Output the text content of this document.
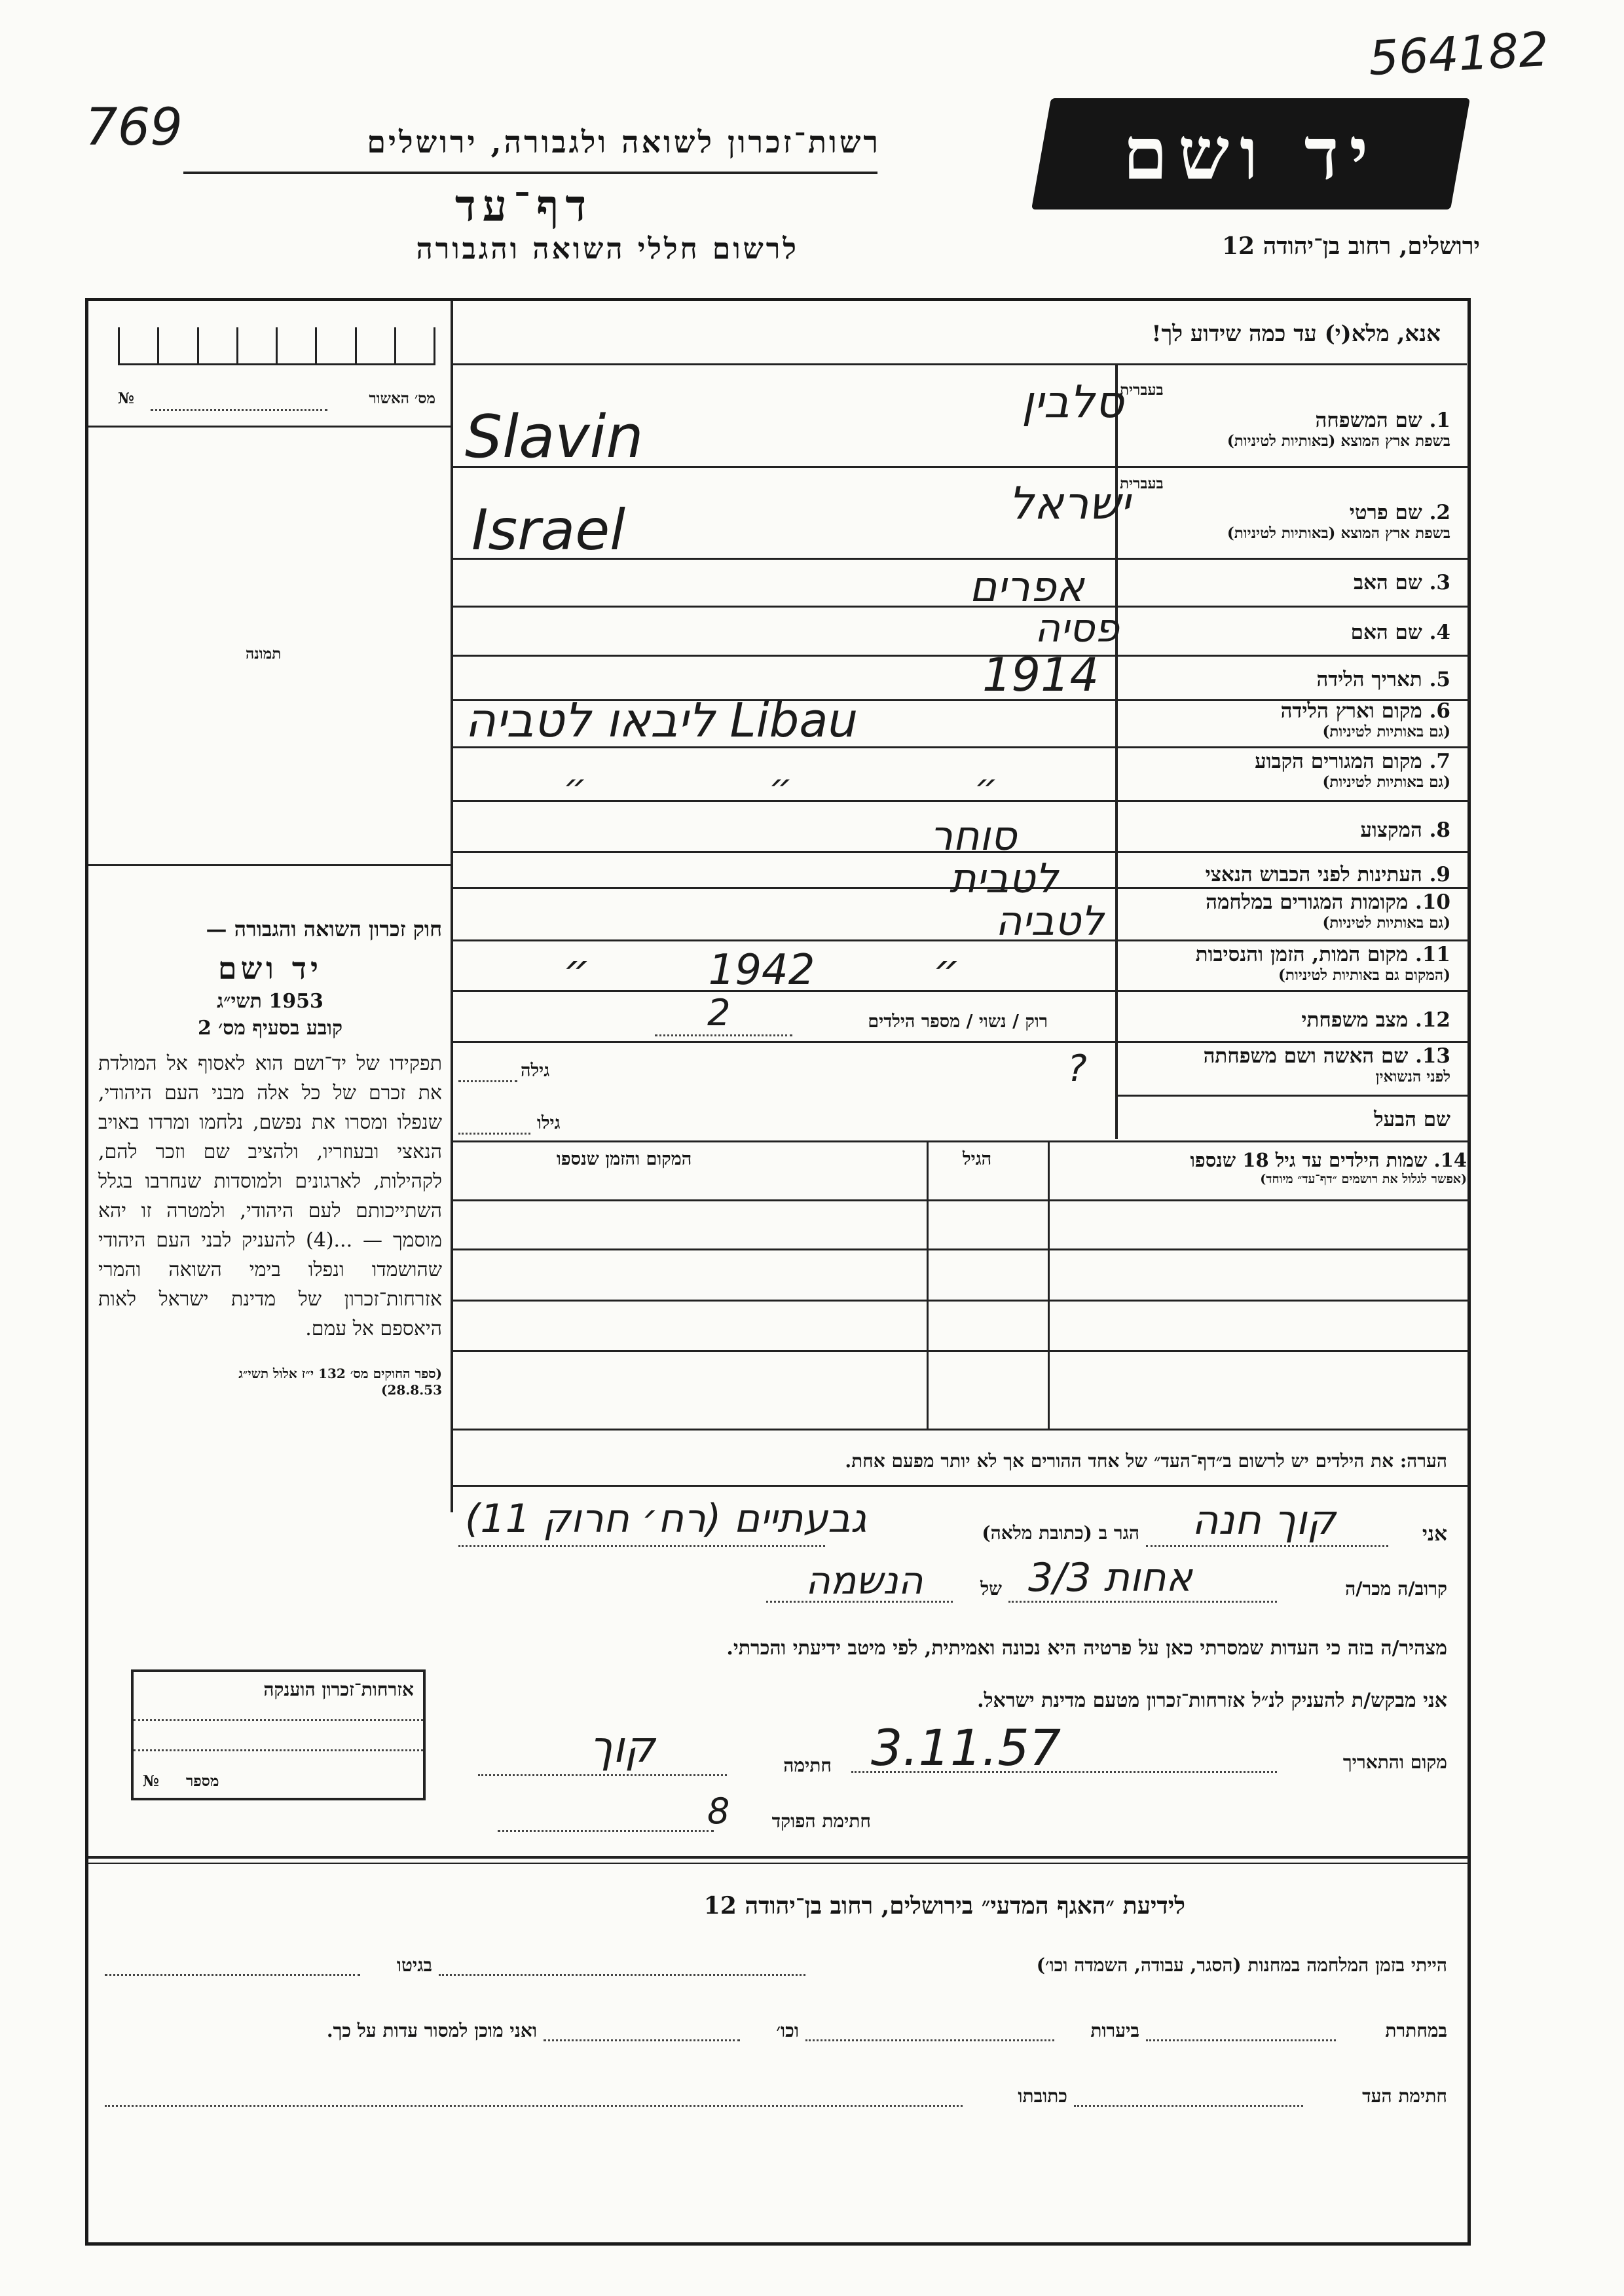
564182
769	רשות־זכרון לשואה ולגבורה, ירושלים
דף־עד
לרשום חללי השואה והגבורה
יד ושם
ירושלים, רחוב בן־יהודה 12
אנא, מלא(י) עד כמה שידוע לך!
№	מס׳ האשור
תמונה
חוק זכרון השואה והגבורה —
יד ושם
1953 תשי״ג
קובע בסעיף מס׳ 2
תפקידו של יד־ושם הוא לאסוף אל המולדת את זכרם של כל אלה מבני העם היהודי, שנפלו ומסרו את נפשם, נלחמו ומרדו באויב הנאצי ובעוזריו, ולהציב שם וזכר להם, לקהילות, לארגונים ולמוסדות שנחרבו בגלל השתייכותם לעם היהודי, ולמטרה זו יהא מוסמך — ...(4) להעניק לבני העם היהודי שהושמדו ונפלו בימי השואה והמרי אזרחות־זכרון של מדינת ישראל לאות היאספם אל עמם.
(ספר החוקים מס׳ 132 י״ז אלול תשי״ג 28.8.53)
בעברית
1. שם המשפחה
בשפת ארץ המוצא (באותיות לטיניות)
בעברית
2. שם פרטי
בשפת ארץ המוצא (באותיות לטיניות)
3. שם האב
4. שם האם
5. תאריך הלידה
6. מקום וארץ הלידה
(גם באותיות לטיניות)
7. מקום המגורים הקבוע
(גם באותיות לטיניות)
8. המקצוע
9. העתינות לפני הכבוש הנאצי
10. מקומות המגורים במלחמה
(גם באותיות לטיניות)
11. מקום המות, הזמן והנסיבות
(המקום גם באותיות לטיניות)
12. מצב משפחתי
רוק / נשוי / מספר הילדים
13. שם האשה ושם משפחתה
לפני הנשואין
גילה
שם הבעל
גילו
14. שמות הילדים עד גיל 18 שנספו
(אפשר לגלול את רושמים ״דף־עד״ מיוחד)
הגיל
המקום והזמן שנספו
הערה: את הילדים יש לרשום ב״דף־העד״ של אחד ההורים אך לא יותר מפעם אחת.
אני
קוך חנה
הגר ב (כתובת מלאה)
גבעתיים (רח׳ חרוק 11)
קרוב/ה מכר/ה
3/3 אחות
של
הנשמה
מצהיר/ה בזה כי העדות שמסרתי כאן על פרטיה היא נכונה ואמיתית, לפי מיטב ידיעתי והכרתי.
אני מבקש/ת להעניק לנ״ל אזרחות־זכרון מטעם מדינת ישראל.
מקום והתאריך
3.11.57
חתימה
קוך
חתימת הפוקד
8
אזרחות־זכרון הוענקה
№ מספר
לידיעת ״האגף המדעי״ בירושלים, רחוב בן־יהודה 12
הייתי בזמן המלחמה במחנות (הסגר, עבודה, השמדה וכו׳)
בגיטו
במחתרת
ביערות
וכו׳
ואני מוכן למסור עדות על כך.
חתימת העד
כתובתו
סלבין
Slavin
ישראל
Israel
אפרים
פסיה
1914
ליבאו לטביה Libau
״ ״ ״
סוחר
לטבית
לטביה
״ 1942 ״
2
?
